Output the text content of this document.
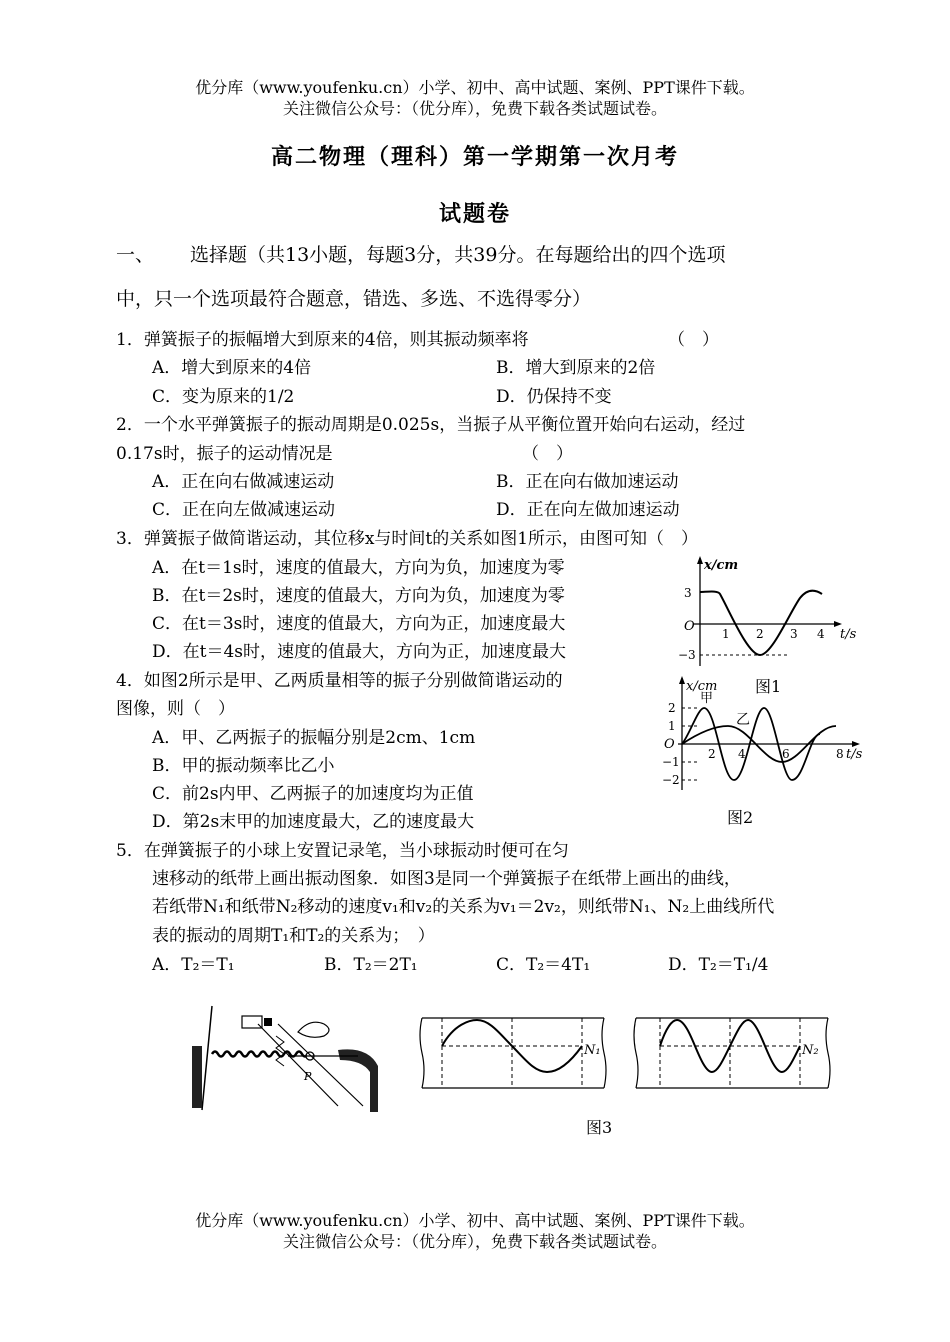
优分库（www.youfenku.cn）小学、初中、高中试题、案例、PPT课件下载。
关注微信公众号：（优分库），免费下载各类试题试卷。
高二物理（理科）第一学期第一次月考
试题卷
一、 选择题（共13小题，每题3分，共39分。在每题给出的四个选项
中，只一个选项最符合题意，错选、多选、不选得零分）
1．弹簧振子的振幅增大到原来的4倍，则其振动频率将	（　）
A．增大到原来的4倍	B．增大到原来的2倍
C．变为原来的1/2	D．仍保持不变
2．一个水平弹簧振子的振动周期是0.025s，当振子从平衡位置开始向右运动，经过
0.17s时，振子的运动情况是	（　）
A．正在向右做减速运动	B．正在向右做加速运动
C．正在向左做减速运动	D．正在向左做加速运动
3．弹簧振子做简谐运动，其位移x与时间t的关系如图1所示，由图可知（　）
A．在t＝1s时，速度的值最大，方向为负，加速度为零
B．在t＝2s时，速度的值最大，方向为负，加速度为零
C．在t＝3s时，速度的值最大，方向为正，加速度最大
D．在t＝4s时，速度的值最大，方向为正，加速度最大
4．如图2所示是甲、乙两质量相等的振子分别做简谐运动的
图像，则（　）
A．甲、乙两振子的振幅分别是2cm、1cm
B．甲的振动频率比乙小
C．前2s内甲、乙两振子的加速度均为正值
D．第2s末甲的加速度最大，乙的速度最大
5．在弹簧振子的小球上安置记录笔，当小球振动时便可在匀
速移动的纸带上画出振动图象．如图3是同一个弹簧振子在纸带上画出的曲线，
若纸带N₁和纸带N₂移动的速度v₁和v₂的关系为v₁＝2v₂，则纸带N₁、N₂上曲线所代
表的振动的周期T₁和T₂的关系为；　）
A．T₂＝T₁	B．T₂＝2T₁	C．T₂＝4T₁	D．T₂＝T₁/4
x/cm
3
−3
O 1 2 3 4 t/s
图1
x/cm
甲
乙
2
1
O
−1
−2
2 4	6	8 t/s
图2
P
N₁	N₂
图3
优分库（www.youfenku.cn）小学、初中、高中试题、案例、PPT课件下载。
关注微信公众号：（优分库），免费下载各类试题试卷。
